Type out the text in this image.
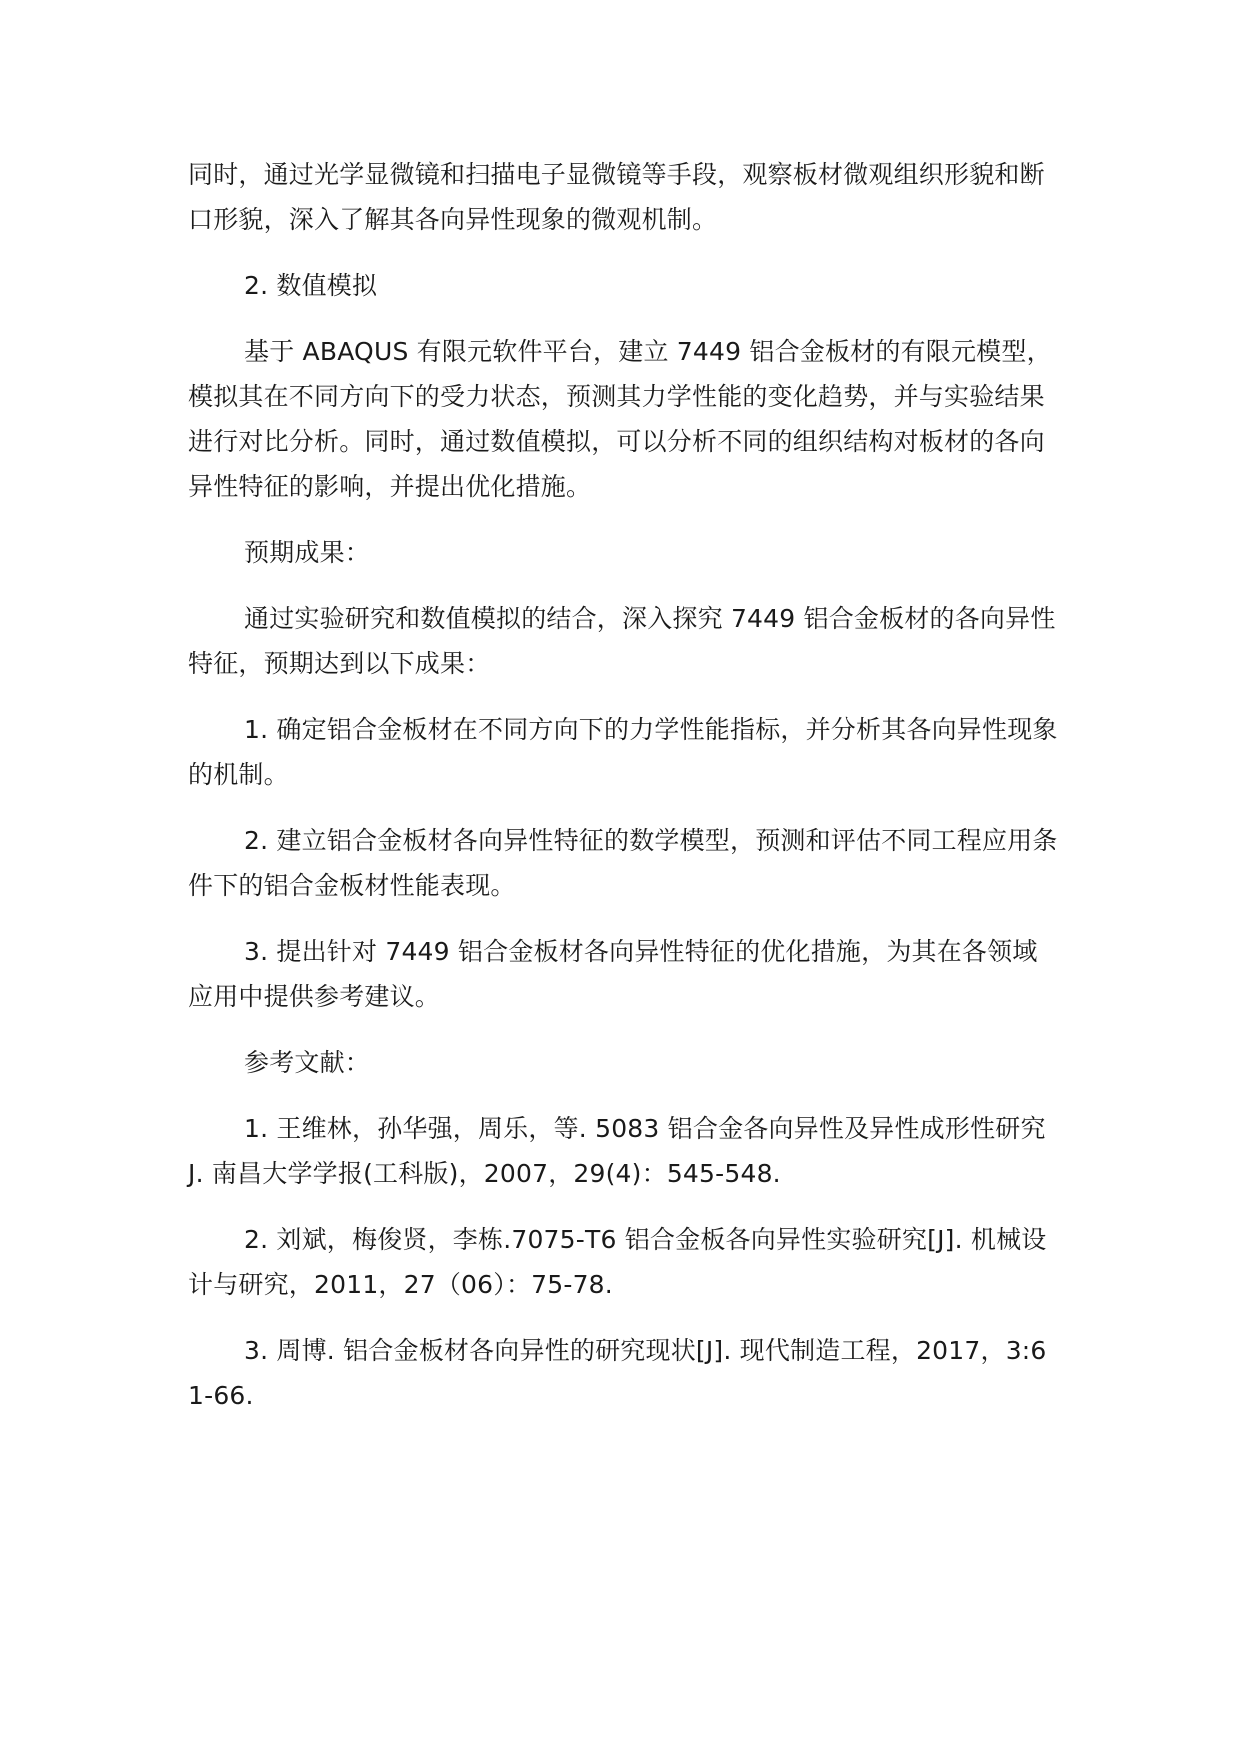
同时，通过光学显微镜和扫描电子显微镜等手段，观察板材微观组织形貌和断口形貌，深入了解其各向异性现象的微观机制。

2. 数值模拟

基于 ABAQUS 有限元软件平台，建立 7449 铝合金板材的有限元模型，模拟其在不同方向下的受力状态，预测其力学性能的变化趋势，并与实验结果进行对比分析。同时，通过数值模拟，可以分析不同的组织结构对板材的各向异性特征的影响，并提出优化措施。

预期成果：

通过实验研究和数值模拟的结合，深入探究 7449 铝合金板材的各向异性特征，预期达到以下成果：

1. 确定铝合金板材在不同方向下的力学性能指标，并分析其各向异性现象的机制。

2. 建立铝合金板材各向异性特征的数学模型，预测和评估不同工程应用条件下的铝合金板材性能表现。

3. 提出针对 7449 铝合金板材各向异性特征的优化措施，为其在各领域应用中提供参考建议。

参考文献：

1. 王维林，孙华强，周乐，等. 5083 铝合金各向异性及异性成形性研究 J. 南昌大学学报(工科版)，2007，29(4)：545-548.

2. 刘斌，梅俊贤，李栋.7075-T6 铝合金板各向异性实验研究[J]. 机械设计与研究，2011，27（06）：75-78.

3. 周博. 铝合金板材各向异性的研究现状[J]. 现代制造工程，2017，3:61-66.
